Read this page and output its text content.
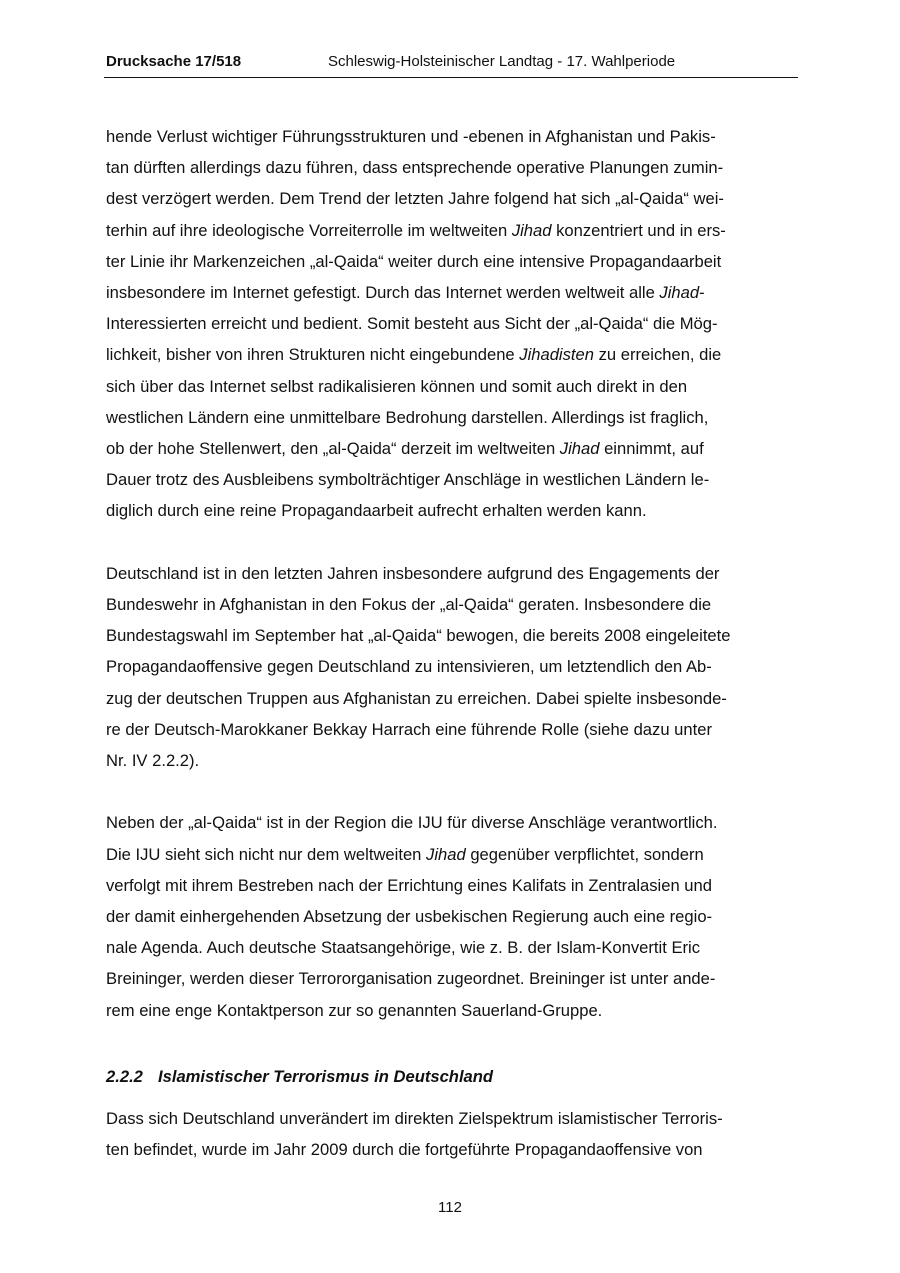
Drucksache 17/518	Schleswig-Holsteinischer Landtag - 17. Wahlperiode

hende Verlust wichtiger Führungsstrukturen und -ebenen in Afghanistan und Pakis-
tan dürften allerdings dazu führen, dass entsprechende operative Planungen zumin-
dest verzögert werden. Dem Trend der letzten Jahre folgend hat sich „al-Qaida“ wei-
terhin auf ihre ideologische Vorreiterrolle im weltweiten Jihad konzentriert und in ers-
ter Linie ihr Markenzeichen „al-Qaida“ weiter durch eine intensive Propagandaarbeit
insbesondere im Internet gefestigt. Durch das Internet werden weltweit alle Jihad-
Interessierten erreicht und bedient. Somit besteht aus Sicht der „al-Qaida“ die Mög-
lichkeit, bisher von ihren Strukturen nicht eingebundene Jihadisten zu erreichen, die
sich über das Internet selbst radikalisieren können und somit auch direkt in den
westlichen Ländern eine unmittelbare Bedrohung darstellen. Allerdings ist fraglich,
ob der hohe Stellenwert, den „al-Qaida“ derzeit im weltweiten Jihad einnimmt, auf
Dauer trotz des Ausbleibens symbolträchtiger Anschläge in westlichen Ländern le-
diglich durch eine reine Propagandaarbeit aufrecht erhalten werden kann.

Deutschland ist in den letzten Jahren insbesondere aufgrund des Engagements der
Bundeswehr in Afghanistan in den Fokus der „al-Qaida“ geraten. Insbesondere die
Bundestagswahl im September hat „al-Qaida“ bewogen, die bereits 2008 eingeleitete
Propagandaoffensive gegen Deutschland zu intensivieren, um letztendlich den Ab-
zug der deutschen Truppen aus Afghanistan zu erreichen. Dabei spielte insbesonde-
re der Deutsch-Marokkaner Bekkay Harrach eine führende Rolle (siehe dazu unter
Nr. IV 2.2.2).

Neben der „al-Qaida“ ist in der Region die IJU für diverse Anschläge verantwortlich.
Die IJU sieht sich nicht nur dem weltweiten Jihad gegenüber verpflichtet, sondern
verfolgt mit ihrem Bestreben nach der Errichtung eines Kalifats in Zentralasien und
der damit einhergehenden Absetzung der usbekischen Regierung auch eine regio-
nale Agenda. Auch deutsche Staatsangehörige, wie z. B. der Islam-Konvertit Eric
Breininger, werden dieser Terrororganisation zugeordnet. Breininger ist unter ande-
rem eine enge Kontaktperson zur so genannten Sauerland-Gruppe.

2.2.2 Islamistischer Terrorismus in Deutschland
Dass sich Deutschland unverändert im direkten Zielspektrum islamistischer Terroris-
ten befindet, wurde im Jahr 2009 durch die fortgeführte Propagandaoffensive von
112
